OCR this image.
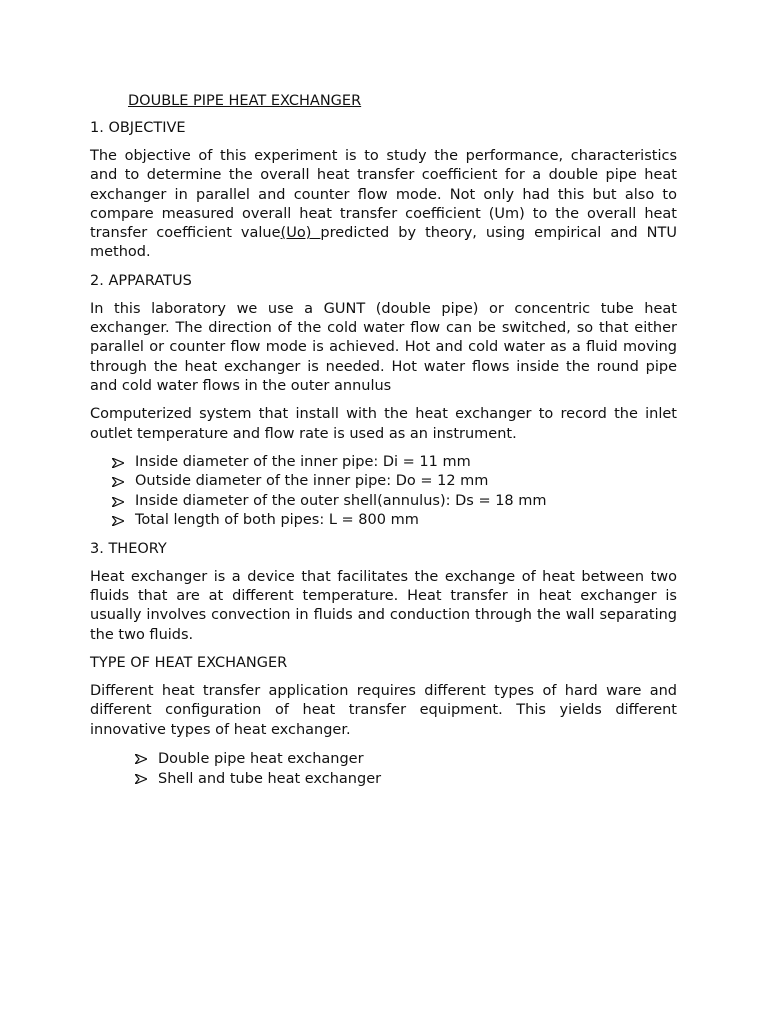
DOUBLE PIPE HEAT EXCHANGER
1. OBJECTIVE

The objective of this experiment is to study the performance, characteristics and to determine the overall heat transfer coefficient for a double pipe heat exchanger in parallel and counter flow mode. Not only had this but also to compare measured overall heat transfer coefficient (Um) to the overall heat transfer coefficient value(Uo) predicted by theory, using empirical and NTU method.

2. APPARATUS

In this laboratory we use a GUNT (double pipe) or concentric tube heat exchanger. The direction of the cold water flow can be switched, so that either parallel or counter flow mode is achieved. Hot and cold water as a fluid moving through the heat exchanger is needed. Hot water flows inside the round pipe and cold water flows in the outer annulus

Computerized system that install with the heat exchanger to record the inlet outlet temperature and flow rate is used as an instrument.

Inside diameter of the inner pipe: Di = 11 mm
Outside diameter of the inner pipe: Do = 12 mm
Inside diameter of the outer shell(annulus): Ds = 18 mm
Total length of both pipes: L = 800 mm
3. THEORY

Heat exchanger is a device that facilitates the exchange of heat between two fluids that are at different temperature. Heat transfer in heat exchanger is usually involves convection in fluids and conduction through the wall separating the two fluids.

TYPE OF HEAT EXCHANGER

Different heat transfer application requires different types of hard ware and different configuration of heat transfer equipment. This yields different innovative types of heat exchanger.

Double pipe heat exchanger
Shell and tube heat exchanger
